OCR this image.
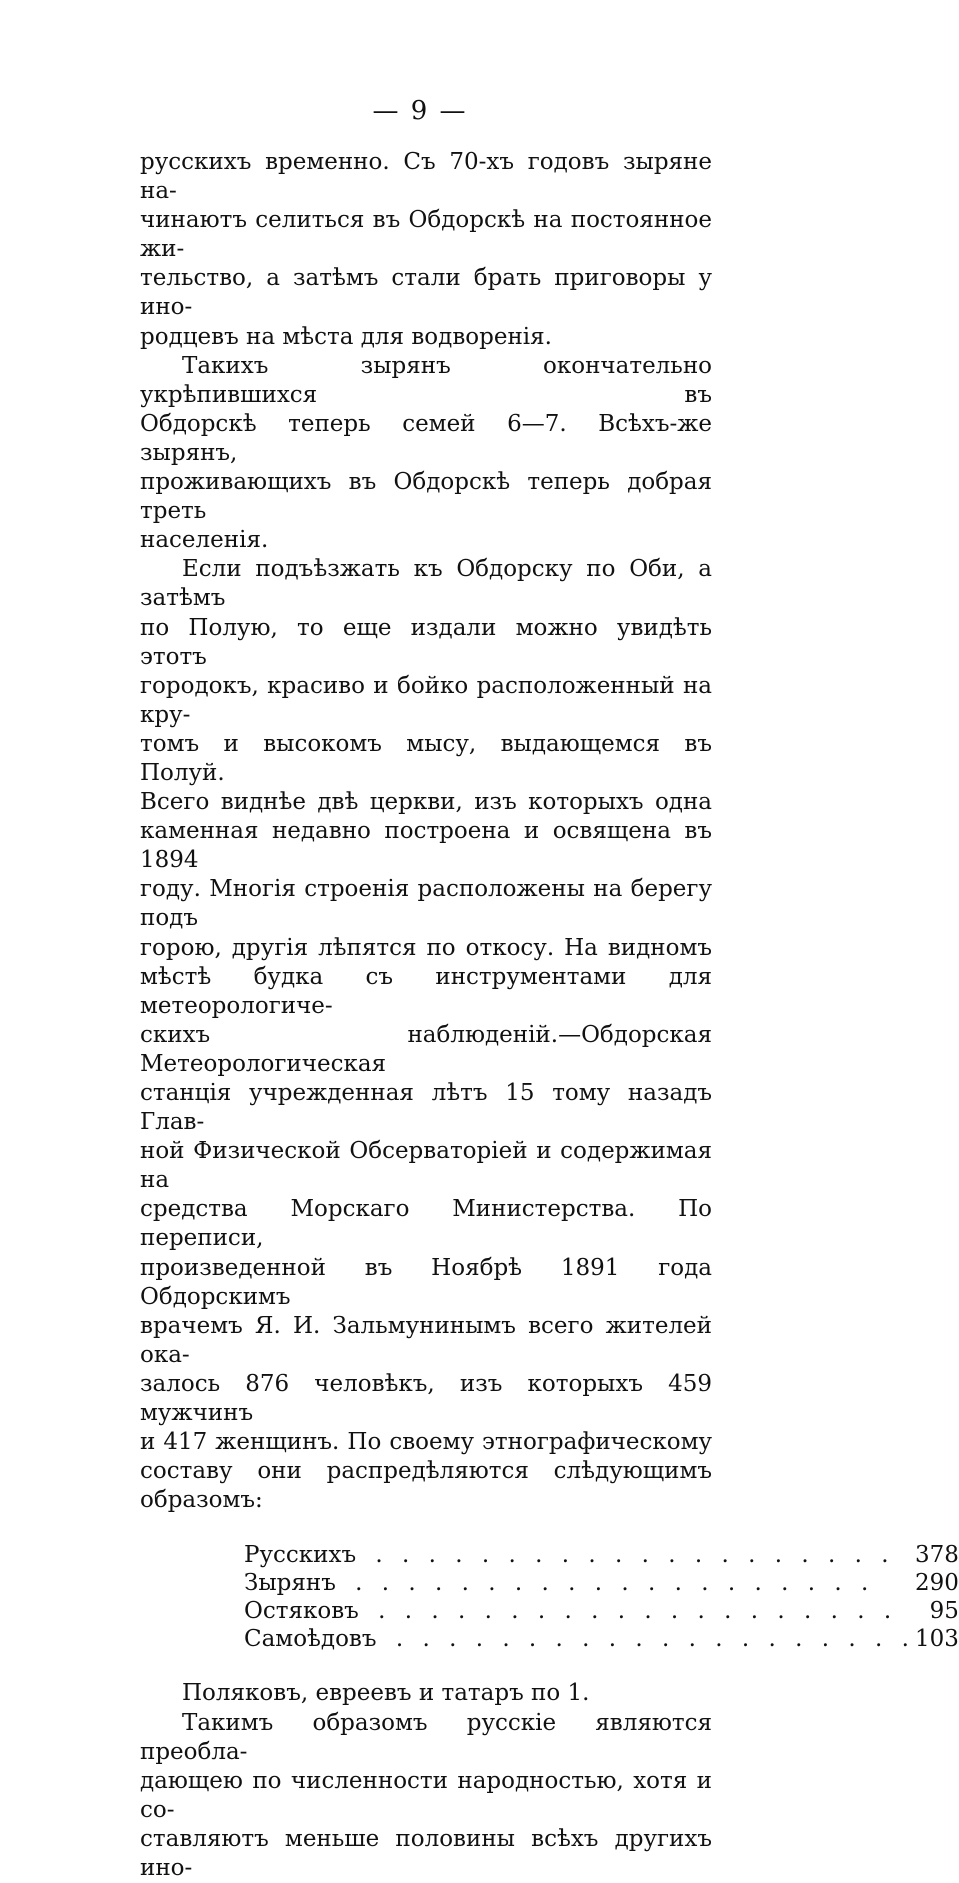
— 9 —
русскихъ временно. Съ 70-хъ годовъ зыряне на-
чинаютъ селиться въ Обдорскѣ на постоянное жи-
тельство, а затѣмъ стали брать приговоры у ино-
родцевъ на мѣста для водворенія.
Такихъ зырянъ окончательно укрѣпившихся въ
Обдорскѣ теперь семей 6—7. Всѣхъ-же зырянъ,
проживающихъ въ Обдорскѣ теперь добрая треть
населенія.
Если подъѣзжать къ Обдорску по Оби, а затѣмъ
по Полую, то еще издали можно увидѣть этотъ
городокъ, красиво и бойко расположенный на кру-
томъ и высокомъ мысу, выдающемся въ Полуй.
Всего виднѣе двѣ церкви, изъ которыхъ одна
каменная недавно построена и освящена въ 1894
году. Многія строенія расположены на берегу подъ
горою, другія лѣпятся по откосу. На видномъ
мѣстѣ будка съ инструментами для метеорологиче-
скихъ наблюденій.—Обдорская Метеорологическая
станція учрежденная лѣтъ 15 тому назадъ Глав-
ной Физической Обсерваторіей и содержимая на
средства Морскаго Министерства. По переписи,
произведенной въ Ноябрѣ 1891 года Обдорскимъ
врачемъ Я. И. Зальмунинымъ всего жителей ока-
залось 876 человѣкъ, изъ которыхъ 459 мужчинъ
и 417 женщинъ. По своему этнографическому
составу они распредѣляются слѣдующимъ образомъ:
Русскихъ . . .	378
Зырянъ . . .	290
Остяковъ . . .	95
Самоѣдовъ . . .	103
Поляковъ, евреевъ и татаръ по 1.
Такимъ образомъ русскіе являются преобла-
дающею по численности народностью, хотя и со-
ставляютъ меньше половины всѣхъ другихъ ино-
